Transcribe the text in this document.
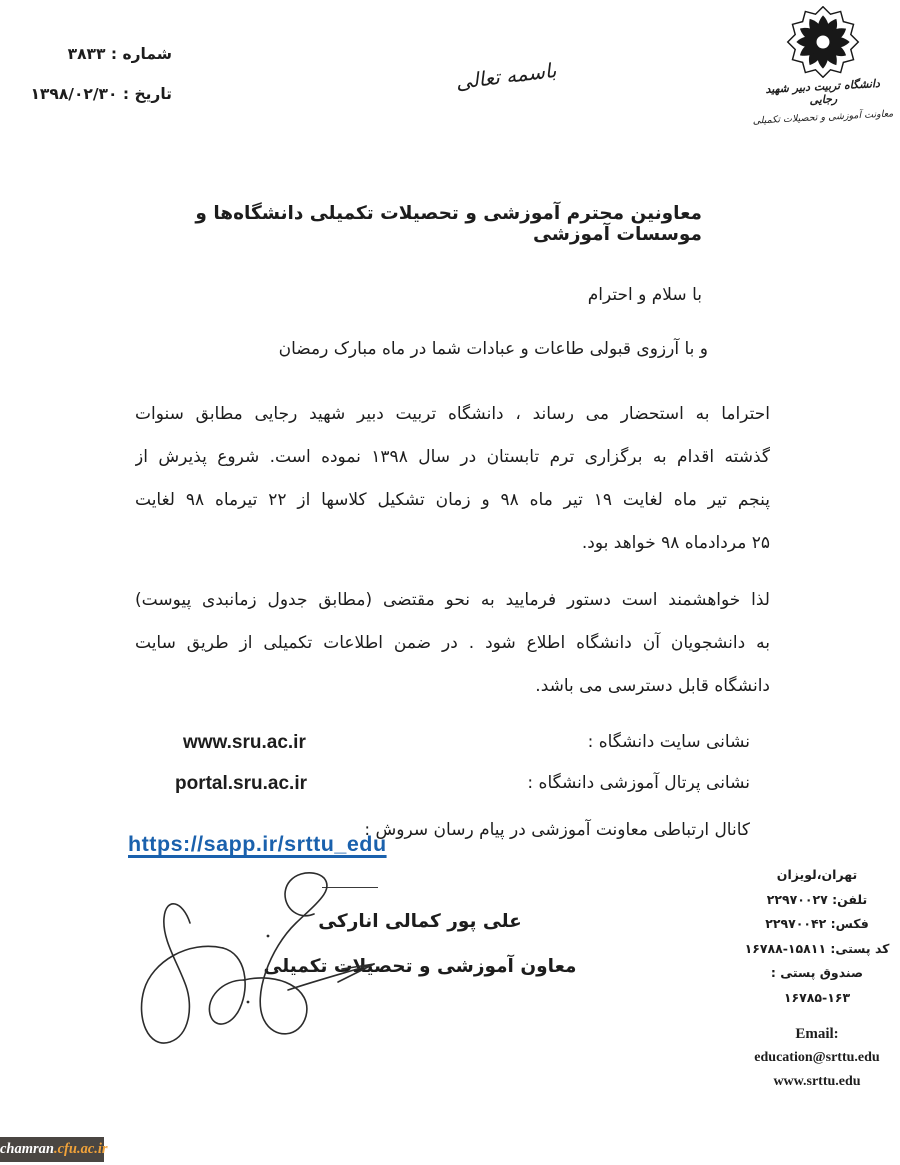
شماره : ۳۸۳۳
تاریخ : ۱۳۹۸/۰۲/۳۰	باسمه تعالی	دانشگاه تربیت دبیر شهید رجایی
معاونت آموزشی و تحصیلات تکمیلی
معاونین محترم آموزشی و تحصیلات تکمیلی دانشگاه‌ها و موسسات آموزشی
با سلام و احترام
و با آرزوی قبولی طاعات و عبادات شما در ماه مبارک رمضان
احتراما به استحضار می رساند ، دانشگاه تربیت دبیر شهید رجایی مطابق سنوات
گذشته اقدام به برگزاری ترم تابستان در سال ۱۳۹۸ نموده است. شروع پذیرش از
پنجم تیر ماه لغایت ۱۹ تیر ماه ۹۸ و زمان تشکیل کلاسها از ۲۲ تیرماه ۹۸ لغایت
۲۵ مردادماه ۹۸ خواهد بود.
لذا خواهشمند است دستور فرمایید به نحو مقتضی (مطابق جدول زمانبدی پیوست)
به دانشجویان آن دانشگاه اطلاع شود . در ضمن اطلاعات تکمیلی از طریق سایت
دانشگاه قابل دسترسی می باشد.
نشانی سایت دانشگاه :
www.sru.ac.ir
نشانی پرتال آموزشی دانشگاه :
portal.sru.ac.ir
کانال ارتباطی معاونت آموزشی در پیام رسان سروش :
https://sapp.ir/srttu_edu
علی پور کمالی انارکی
معاون آموزشی و تحصیلات تکمیلی
تهران،لویزان
تلفن: ۲۲۹۷۰۰۲۷
فکس: ۲۲۹۷۰۰۴۲
کد پستی: ۱۵۸۱۱-۱۶۷۸۸
صندوق پستی : ۱۶۳-۱۶۷۸۵
Email:
education@srttu.edu
www.srttu.edu
chamran.cfu.ac.ir
